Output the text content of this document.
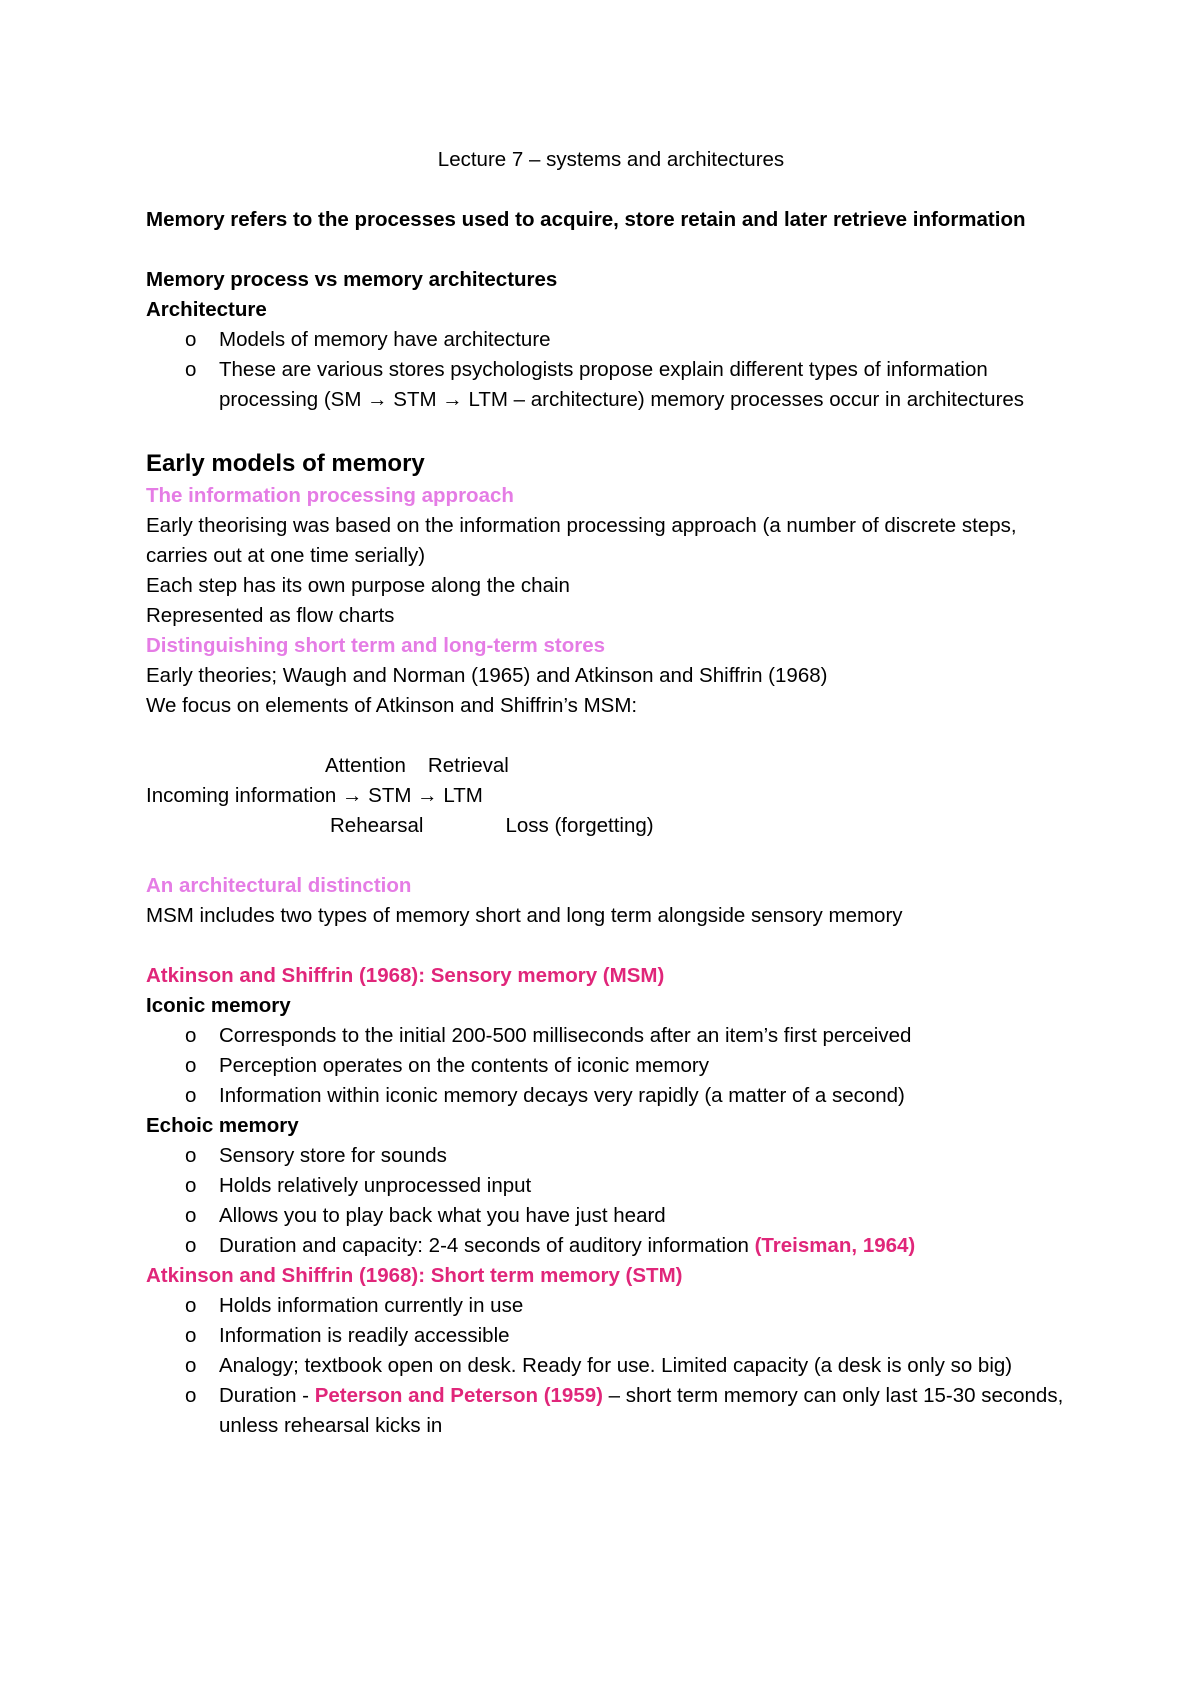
Lecture 7 – systems and architectures

Memory refers to the processes used to acquire, store retain and later retrieve information

Memory process vs memory architectures

Architecture

o Models of memory have architecture
o These are various stores psychologists propose explain different types of information processing (SM → STM → LTM – architecture) memory processes occur in architectures

Early models of memory

The information processing approach

Early theorising was based on the information processing approach (a number of discrete steps, carries out at one time serially)

Each step has its own purpose along the chain

Represented as flow charts

Distinguishing short term and long-term stores

Early theories; Waugh and Norman (1965) and Atkinson and Shiffrin (1968)

We focus on elements of Atkinson and Shiffrin’s MSM:

Attention Retrieval

Incoming information → STM → LTM

Rehearsal	Loss (forgetting)

An architectural distinction

MSM includes two types of memory short and long term alongside sensory memory

Atkinson and Shiffrin (1968): Sensory memory (MSM)

Iconic memory

o Corresponds to the initial 200-500 milliseconds after an item’s first perceived
o Perception operates on the contents of iconic memory
o Information within iconic memory decays very rapidly (a matter of a second)

Echoic memory

o Sensory store for sounds
o Holds relatively unprocessed input
o Allows you to play back what you have just heard
o Duration and capacity: 2-4 seconds of auditory information (Treisman, 1964)

Atkinson and Shiffrin (1968): Short term memory (STM)

o Holds information currently in use
o Information is readily accessible
o Analogy; textbook open on desk. Ready for use. Limited capacity (a desk is only so big)
o Duration - Peterson and Peterson (1959) – short term memory can only last 15-30 seconds, unless rehearsal kicks in
